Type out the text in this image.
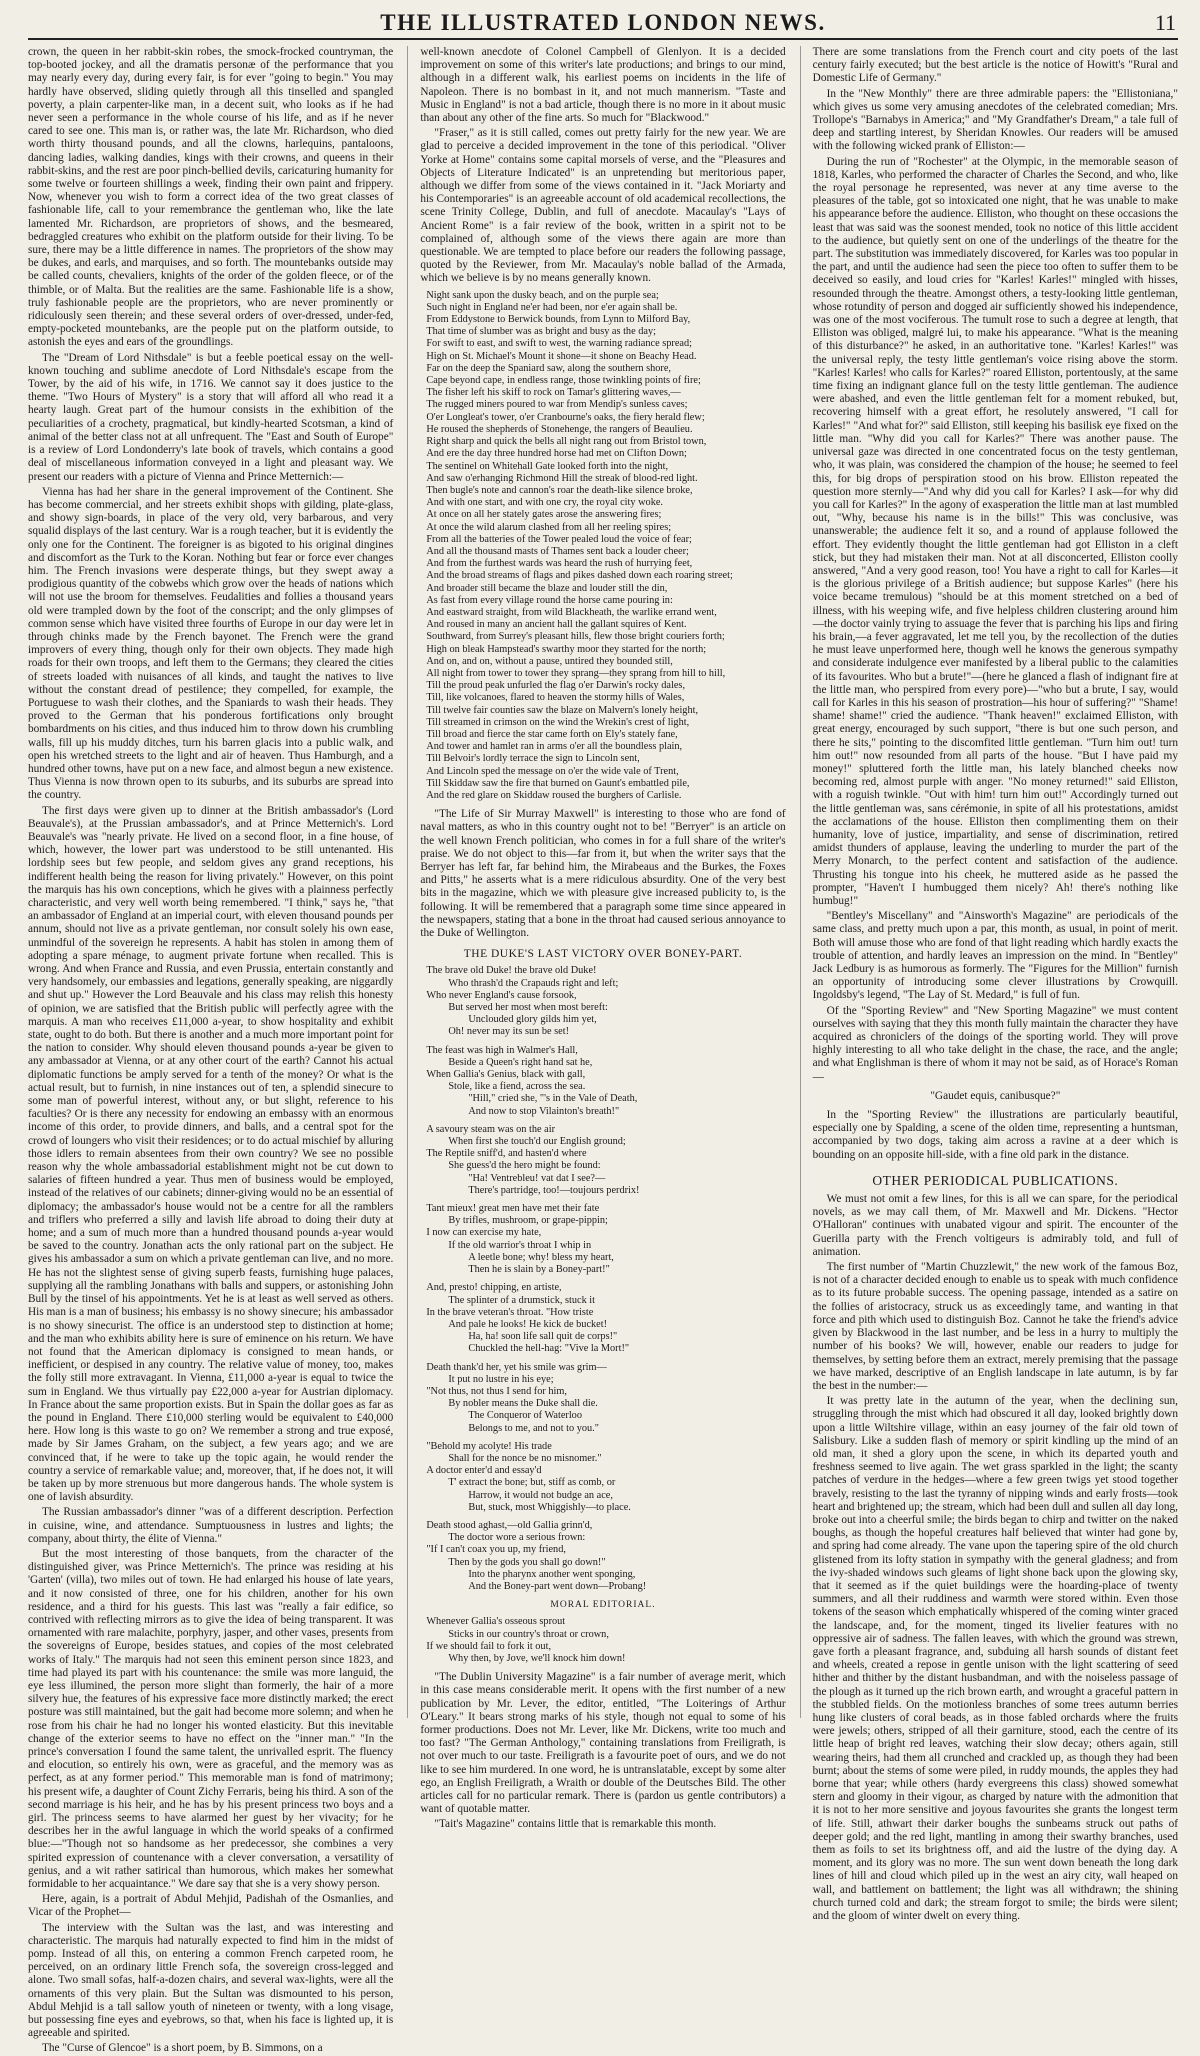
THE ILLUSTRATED LONDON NEWS.	11

crown, the queen in her rabbit-skin robes, the smock-frocked countryman, the top-booted jockey, and all the dramatis personæ of the performance that you may nearly every day, during every fair, is for ever "going to begin." You may hardly have observed, sliding quietly through all this tinselled and spangled poverty, a plain carpenter-like man, in a decent suit, who looks as if he had never seen a performance in the whole course of his life, and as if he never cared to see one. This man is, or rather was, the late Mr. Richardson, who died worth thirty thousand pounds, and all the clowns, harlequins, pantaloons, dancing ladies, walking dandies, kings with their crowns, and queens in their rabbit-skins, and the rest are poor pinch-bellied devils, caricaturing humanity for some twelve or fourteen shillings a week, finding their own paint and frippery. Now, whenever you wish to form a correct idea of the two great classes of fashionable life, call to your remembrance the gentleman who, like the late lamented Mr. Richardson, are proprietors of shows, and the besmeared, bedraggled creatures who exhibit on the platform outside for their living. To be sure, there may be a little difference in names. The proprietors of the show may be dukes, and earls, and marquises, and so forth. The mountebanks outside may be called counts, chevaliers, knights of the order of the golden fleece, or of the thimble, or of Malta. But the realities are the same. Fashionable life is a show, truly fashionable people are the proprietors, who are never prominently or ridiculously seen therein; and these several orders of over-dressed, under-fed, empty-pocketed mountebanks, are the people put on the platform outside, to astonish the eyes and ears of the groundlings.

The "Dream of Lord Nithsdale" is but a feeble poetical essay on the well-known touching and sublime anecdote of Lord Nithsdale's escape from the Tower, by the aid of his wife, in 1716. We cannot say it does justice to the theme. "Two Hours of Mystery" is a story that will afford all who read it a hearty laugh. Great part of the humour consists in the exhibition of the peculiarities of a crochety, pragmatical, but kindly-hearted Scotsman, a kind of animal of the better class not at all unfrequent. The "East and South of Europe" is a review of Lord Londonderry's late book of travels, which contains a good deal of miscellaneous information conveyed in a light and pleasant way. We present our readers with a picture of Vienna and Prince Metternich:—

Vienna has had her share in the general improvement of the Continent. She has become commercial, and her streets exhibit shops with gilding, plate-glass, and showy sign-boards, in place of the very old, very barbarous, and very squalid displays of the last century. War is a rough teacher, but it is evidently the only one for the Continent. The foreigner is as bigoted to his original dingines and discomfort as the Turk to the Koran. Nothing but fear or force ever changes him. The French invasions were desperate things, but they swept away a prodigious quantity of the cobwebs which grow over the heads of nations which will not use the broom for themselves. Feudalities and follies a thousand years old were trampled down by the foot of the conscript; and the only glimpses of common sense which have visited three fourths of Europe in our day were let in through chinks made by the French bayonet. The French were the grand improvers of every thing, though only for their own objects. They made high roads for their own troops, and left them to the Germans; they cleared the cities of streets loaded with nuisances of all kinds, and taught the natives to live without the constant dread of pestilence; they compelled, for example, the Portuguese to wash their clothes, and the Spaniards to wash their heads. They proved to the German that his ponderous fortifications only brought bombardments on his cities, and thus induced him to throw down his crumbling walls, fill up his muddy ditches, turn his barren glacis into a public walk, and open his wretched streets to the light and air of heaven. Thus Hamburgh, and a hundred other towns, have put on a new face, and almost begun a new existence. Thus Vienna is now thrown open to its suburbs, and its suburbs are spread into the country.

The first days were given up to dinner at the British ambassador's (Lord Beauvale's), at the Prussian ambassador's, and at Prince Metternich's. Lord Beauvale's was "nearly private. He lived on a second floor, in a fine house, of which, however, the lower part was understood to be still untenanted. His lordship sees but few people, and seldom gives any grand receptions, his indifferent health being the reason for living privately." However, on this point the marquis has his own conceptions, which he gives with a plainness perfectly characteristic, and very well worth being remembered. "I think," says he, "that an ambassador of England at an imperial court, with eleven thousand pounds per annum, should not live as a private gentleman, nor consult solely his own ease, unmindful of the sovereign he represents. A habit has stolen in among them of adopting a spare ménage, to augment private fortune when recalled. This is wrong. And when France and Russia, and even Prussia, entertain constantly and very handsomely, our embassies and legations, generally speaking, are niggardly and shut up." However the Lord Beauvale and his class may relish this honesty of opinion, we are satisfied that the British public will perfectly agree with the marquis. A man who receives £11,000 a-year, to show hospitality and exhibit state, ought to do both. But there is another and a much more important point for the nation to consider. Why should eleven thousand pounds a-year be given to any ambassador at Vienna, or at any other court of the earth? Cannot his actual diplomatic functions be amply served for a tenth of the money? Or what is the actual result, but to furnish, in nine instances out of ten, a splendid sinecure to some man of powerful interest, without any, or but slight, reference to his faculties? Or is there any necessity for endowing an embassy with an enormous income of this order, to provide dinners, and balls, and a central spot for the crowd of loungers who visit their residences; or to do actual mischief by alluring those idlers to remain absentees from their own country? We see no possible reason why the whole ambassadorial establishment might not be cut down to salaries of fifteen hundred a year. Thus men of business would be employed, instead of the relatives of our cabinets; dinner-giving would no be an essential of diplomacy; the ambassador's house would not be a centre for all the ramblers and triflers who preferred a silly and lavish life abroad to doing their duty at home; and a sum of much more than a hundred thousand pounds a-year would be saved to the country. Jonathan acts the only rational part on the subject. He gives his ambassador a sum on which a private gentleman can live, and no more. He has not the slightest sense of giving superb feasts, furnishing huge palaces, supplying all the rambling Jonathans with balls and suppers, or astonishing John Bull by the tinsel of his appointments. Yet he is at least as well served as others. His man is a man of business; his embassy is no showy sinecure; his ambassador is no showy sinecurist. The office is an understood step to distinction at home; and the man who exhibits ability here is sure of eminence on his return. We have not found that the American diplomacy is consigned to mean hands, or inefficient, or despised in any country. The relative value of money, too, makes the folly still more extravagant. In Vienna, £11,000 a-year is equal to twice the sum in England. We thus virtually pay £22,000 a-year for Austrian diplomacy. In France about the same proportion exists. But in Spain the dollar goes as far as the pound in England. There £10,000 sterling would be equivalent to £40,000 here. How long is this waste to go on? We remember a strong and true exposé, made by Sir James Graham, on the subject, a few years ago; and we are convinced that, if he were to take up the topic again, he would render the country a service of remarkable value; and, moreover, that, if he does not, it will be taken up by more strenuous but more dangerous hands. The whole system is one of lavish absurdity.

The Russian ambassador's dinner "was of a different description. Perfection in cuisine, wine, and attendance. Sumptuousness in lustres and lights; the company, about thirty, the élite of Vienna."

But the most interesting of those banquets, from the character of the distinguished giver, was Prince Metternich's. The prince was residing at his 'Garten' (villa), two miles out of town. He had enlarged his house of late years, and it now consisted of three, one for his children, another for his own residence, and a third for his guests. This last was "really a fair edifice, so contrived with reflecting mirrors as to give the idea of being transparent. It was ornamented with rare malachite, porphyry, jasper, and other vases, presents from the sovereigns of Europe, besides statues, and copies of the most celebrated works of Italy." The marquis had not seen this eminent person since 1823, and time had played its part with his countenance: the smile was more languid, the eye less illumined, the person more slight than formerly, the hair of a more silvery hue, the features of his expressive face more distinctly marked; the erect posture was still maintained, but the gait had become more solemn; and when he rose from his chair he had no longer his wonted elasticity. But this inevitable change of the exterior seems to have no effect on the "inner man." "In the prince's conversation I found the same talent, the unrivalled esprit. The fluency and elocution, so entirely his own, were as graceful, and the memory was as perfect, as at any former period." This memorable man is fond of matrimony; his present wife, a daughter of Count Zichy Ferraris, being his third. A son of the second marriage is his heir, and he has by his present princess two boys and a girl. The princess seems to have alarmed her guest by her vivacity; for he describes her in the awful language in which the world speaks of a confirmed blue:—"Though not so handsome as her predecessor, she combines a very spirited expression of countenance with a clever conversation, a versatility of genius, and a wit rather satirical than humorous, which makes her somewhat formidable to her acquaintance." We dare say that she is a very showy person.

Here, again, is a portrait of Abdul Mehjid, Padishah of the Osmanlies, and Vicar of the Prophet—

The interview with the Sultan was the last, and was interesting and characteristic. The marquis had naturally expected to find him in the midst of pomp. Instead of all this, on entering a common French carpeted room, he perceived, on an ordinary little French sofa, the sovereign cross-legged and alone. Two small sofas, half-a-dozen chairs, and several wax-lights, were all the ornaments of this very plain. But the Sultan was dismounted to his person, Abdul Mehjid is a tall sallow youth of nineteen or twenty, with a long visage, but possessing fine eyes and eyebrows, so that, when his face is lighted up, it is agreeable and spirited.

The "Curse of Glencoe" is a short poem, by B. Simmons, on a

well-known anecdote of Colonel Campbell of Glenlyon. It is a decided improvement on some of this writer's late productions; and brings to our mind, although in a different walk, his earliest poems on incidents in the life of Napoleon. There is no bombast in it, and not much mannerism. "Taste and Music in England" is not a bad article, though there is no more in it about music than about any other of the fine arts. So much for "Blackwood."

"Fraser," as it is still called, comes out pretty fairly for the new year. We are glad to perceive a decided improvement in the tone of this periodical. "Oliver Yorke at Home" contains some capital morsels of verse, and the "Pleasures and Objects of Literature Indicated" is an unpretending but meritorious paper, although we differ from some of the views contained in it. "Jack Moriarty and his Contemporaries" is an agreeable account of old academical recollections, the scene Trinity College, Dublin, and full of anecdote. Macaulay's "Lays of Ancient Rome" is a fair review of the book, written in a spirit not to be complained of, although some of the views there again are more than questionable. We are tempted to place before our readers the following passage, quoted by the Reviewer, from Mr. Macaulay's noble ballad of the Armada, which we believe is by no means generally known.

Night sank upon the dusky beach, and on the purple sea;
Such night in England ne'er had been, nor e'er again shall be.
From Eddystone to Berwick bounds, from Lynn to Milford Bay,
That time of slumber was as bright and busy as the day;
For swift to east, and swift to west, the warning radiance spread;
High on St. Michael's Mount it shone—it shone on Beachy Head.
Far on the deep the Spaniard saw, along the southern shore,
Cape beyond cape, in endless range, those twinkling points of fire;
The fisher left his skiff to rock on Tamar's glittering waves,—
The rugged miners poured to war from Mendip's sunless caves;
O'er Longleat's tower, o'er Cranbourne's oaks, the fiery herald flew;
He roused the shepherds of Stonehenge, the rangers of Beaulieu.
Right sharp and quick the bells all night rang out from Bristol town,
And ere the day three hundred horse had met on Clifton Down;
The sentinel on Whitehall Gate looked forth into the night,
And saw o'erhanging Richmond Hill the streak of blood-red light.
Then bugle's note and cannon's roar the death-like silence broke,
And with one start, and with one cry, the royal city woke.
At once on all her stately gates arose the answering fires;
At once the wild alarum clashed from all her reeling spires;
From all the batteries of the Tower pealed loud the voice of fear;
And all the thousand masts of Thames sent back a louder cheer;
And from the furthest wards was heard the rush of hurrying feet,
And the broad streams of flags and pikes dashed down each roaring street;
And broader still became the blaze and louder still the din,
As fast from every village round the horse came pouring in:
And eastward straight, from wild Blackheath, the warlike errand went,
And roused in many an ancient hall the gallant squires of Kent.
Southward, from Surrey's pleasant hills, flew those bright couriers forth;
High on bleak Hampstead's swarthy moor they started for the north;
And on, and on, without a pause, untired they bounded still,
All night from tower to tower they sprang—they sprang from hill to hill,
Till the proud peak unfurled the flag o'er Darwin's rocky dales,
Till, like volcanoes, flared to heaven the stormy hills of Wales,
Till twelve fair counties saw the blaze on Malvern's lonely height,
Till streamed in crimson on the wind the Wrekin's crest of light,
Till broad and fierce the star came forth on Ely's stately fane,
And tower and hamlet ran in arms o'er all the boundless plain,
Till Belvoir's lordly terrace the sign to Lincoln sent,
And Lincoln sped the message on o'er the wide vale of Trent,
Till Skiddaw saw the fire that burned on Gaunt's embattled pile,
And the red glare on Skiddaw roused the burghers of Carlisle.

"The Life of Sir Murray Maxwell" is interesting to those who are fond of naval matters, as who in this country ought not to be! "Berryer" is an article on the well known French politician, who comes in for a full share of the writer's praise. We do not object to this—far from it, but when the writer says that the Berryer has left far, far behind him, the Mirabeaus and the Burkes, the Foxes and Pitts," he asserts what is a mere ridiculous absurdity. One of the very best bits in the magazine, which we with pleasure give increased publicity to, is the following. It will be remembered that a paragraph some time since appeared in the newspapers, stating that a bone in the throat had caused serious annoyance to the Duke of Wellington.

THE DUKE'S LAST VICTORY OVER BONEY-PART.
The brave old Duke! the brave old Duke!
Who thrash'd the Crapauds right and left;
Who never England's cause forsook,
But served her most when most bereft:
Unclouded glory gilds him yet,
Oh! never may its sun be set!
The feast was high in Walmer's Hall,
Beside a Queen's right hand sat he,
When Gallia's Genius, black with gall,
Stole, like a fiend, across the sea.
"Hill," cried she, "'s in the Vale of Death,
And now to stop Vilainton's breath!"
A savoury steam was on the air
When first she touch'd our English ground;
The Reptile sniff'd, and hasten'd where
She guess'd the hero might be found:
"Ha! Ventrebleu! vat dat I see?—
There's partridge, too!—toujours perdrix!
Tant mieux! great men have met their fate
By trifles, mushroom, or grape-pippin;
I now can exercise my hate,
If the old warrior's throat I whip in
A leetle bone; why! bless my heart,
Then he is slain by a Boney-part!"
And, presto! chipping, en artiste,
The splinter of a drumstick, stuck it
In the brave veteran's throat. "How triste
And pale he looks! He kick de bucket!
Ha, ha! soon life sall quit de corps!"
Chuckled the hell-hag: "Vive la Mort!"
Death thank'd her, yet his smile was grim—
It put no lustre in his eye;
"Not thus, not thus I send for him,
By nobler means the Duke shall die.
The Conqueror of Waterloo
Belongs to me, and not to you."
"Behold my acolyte! His trade
Shall for the nonce be no misnomer."
A doctor enter'd and essay'd
T' extract the bone; but, stiff as comb, or
Harrow, it would not budge an ace,
But, stuck, most Whiggishly—to place.
Death stood aghast,—old Gallia grinn'd,
The doctor wore a serious frown:
"If I can't coax you up, my friend,
Then by the gods you shall go down!"
Into the pharynx another went sponging,
And the Boney-part went down—Probang!
MORAL EDITORIAL.
Whenever Gallia's osseous sprout
Sticks in our country's throat or crown,
If we should fail to fork it out,
Why then, by Jove, we'll knock him down!

"The Dublin University Magazine" is a fair number of average merit, which in this case means considerable merit. It opens with the first number of a new publication by Mr. Lever, the editor, entitled, "The Loiterings of Arthur O'Leary." It bears strong marks of his style, though not equal to some of his former productions. Does not Mr. Lever, like Mr. Dickens, write too much and too fast? "The German Anthology," containing translations from Freiligrath, is not over much to our taste. Freiligrath is a favourite poet of ours, and we do not like to see him murdered. In one word, he is untranslatable, except by some alter ego, an English Freiligrath, a Wraith or double of the Deutsches Bild. The other articles call for no particular remark. There is (pardon us gentle contributors) a want of quotable matter.

"Tait's Magazine" contains little that is remarkable this month.

There are some translations from the French court and city poets of the last century fairly executed; but the best article is the notice of Howitt's "Rural and Domestic Life of Germany."

In the "New Monthly" there are three admirable papers: the "Ellistoniana," which gives us some very amusing anecdotes of the celebrated comedian; Mrs. Trollope's "Barnabys in America;" and "My Grandfather's Dream," a tale full of deep and startling interest, by Sheridan Knowles. Our readers will be amused with the following wicked prank of Elliston:—

During the run of "Rochester" at the Olympic, in the memorable season of 1818, Karles, who performed the character of Charles the Second, and who, like the royal personage he represented, was never at any time averse to the pleasures of the table, got so intoxicated one night, that he was unable to make his appearance before the audience. Elliston, who thought on these occasions the least that was said was the soonest mended, took no notice of this little accident to the audience, but quietly sent on one of the underlings of the theatre for the part. The substitution was immediately discovered, for Karles was too popular in the part, and until the audience had seen the piece too often to suffer them to be deceived so easily, and loud cries for "Karles! Karles!" mingled with hisses, resounded through the theatre. Amongst others, a testy-looking little gentleman, whose rotundity of person and dogged air sufficiently showed his independence, was one of the most vociferous. The tumult rose to such a degree at length, that Elliston was obliged, malgré lui, to make his appearance. "What is the meaning of this disturbance?" he asked, in an authoritative tone. "Karles! Karles!" was the universal reply, the testy little gentleman's voice rising above the storm. "Karles! Karles! who calls for Karles?" roared Elliston, portentously, at the same time fixing an indignant glance full on the testy little gentleman. The audience were abashed, and even the little gentleman felt for a moment rebuked, but, recovering himself with a great effort, he resolutely answered, "I call for Karles!" "And what for?" said Elliston, still keeping his basilisk eye fixed on the little man. "Why did you call for Karles?" There was another pause. The universal gaze was directed in one concentrated focus on the testy gentleman, who, it was plain, was considered the champion of the house; he seemed to feel this, for big drops of perspiration stood on his brow. Elliston repeated the question more sternly—"And why did you call for Karles? I ask—for why did you call for Karles?" In the agony of exasperation the little man at last mumbled out, "Why, because his name is in the bills!" This was conclusive, was unanswerable; the audience felt it so, and a round of applause followed the effort. They evidently thought the little gentleman had got Elliston in a cleft stick, but they had mistaken their man. Not at all disconcerted, Elliston coolly answered, "And a very good reason, too! You have a right to call for Karles—it is the glorious privilege of a British audience; but suppose Karles" (here his voice became tremulous) "should be at this moment stretched on a bed of illness, with his weeping wife, and five helpless children clustering around him—the doctor vainly trying to assuage the fever that is parching his lips and firing his brain,—a fever aggravated, let me tell you, by the recollection of the duties he must leave unperformed here, though well he knows the generous sympathy and considerate indulgence ever manifested by a liberal public to the calamities of its favourites. Who but a brute!"—(here he glanced a flash of indignant fire at the little man, who perspired from every pore)—"who but a brute, I say, would call for Karles in this his season of prostration—his hour of suffering?" "Shame! shame! shame!" cried the audience. "Thank heaven!" exclaimed Elliston, with great energy, encouraged by such support, "there is but one such person, and there he sits," pointing to the discomfited little gentleman. "Turn him out! turn him out!" now resounded from all parts of the house. "But I have paid my money!" spluttered forth the little man, his lately blanched cheeks now becoming red, almost purple with anger. "No money returned!" said Elliston, with a roguish twinkle. "Out with him! turn him out!" Accordingly turned out the little gentleman was, sans cérémonie, in spite of all his protestations, amidst the acclamations of the house. Elliston then complimenting them on their humanity, love of justice, impartiality, and sense of discrimination, retired amidst thunders of applause, leaving the underling to murder the part of the Merry Monarch, to the perfect content and satisfaction of the audience. Thrusting his tongue into his cheek, he muttered aside as he passed the prompter, "Haven't I humbugged them nicely? Ah! there's nothing like humbug!"

"Bentley's Miscellany" and "Ainsworth's Magazine" are periodicals of the same class, and pretty much upon a par, this month, as usual, in point of merit. Both will amuse those who are fond of that light reading which hardly exacts the trouble of attention, and hardly leaves an impression on the mind. In "Bentley" Jack Ledbury is as humorous as formerly. The "Figures for the Million" furnish an opportunity of introducing some clever illustrations by Crowquill. Ingoldsby's legend, "The Lay of St. Medard," is full of fun.

Of the "Sporting Review" and "New Sporting Magazine" we must content ourselves with saying that they this month fully maintain the character they have acquired as chroniclers of the doings of the sporting world. They will prove highly interesting to all who take delight in the chase, the race, and the angle; and what Englishman is there of whom it may not be said, as of Horace's Roman—

"Gaudet equis, canibusque?"

In the "Sporting Review" the illustrations are particularly beautiful, especially one by Spalding, a scene of the olden time, representing a huntsman, accompanied by two dogs, taking aim across a ravine at a deer which is bounding on an opposite hill-side, with a fine old park in the distance.

OTHER PERIODICAL PUBLICATIONS.

We must not omit a few lines, for this is all we can spare, for the periodical novels, as we may call them, of Mr. Maxwell and Mr. Dickens. "Hector O'Halloran" continues with unabated vigour and spirit. The encounter of the Guerilla party with the French voltigeurs is admirably told, and full of animation.

The first number of "Martin Chuzzlewit," the new work of the famous Boz, is not of a character decided enough to enable us to speak with much confidence as to its future probable success. The opening passage, intended as a satire on the follies of aristocracy, struck us as exceedingly tame, and wanting in that force and pith which used to distinguish Boz. Cannot he take the friend's advice given by Blackwood in the last number, and be less in a hurry to multiply the number of his books? We will, however, enable our readers to judge for themselves, by setting before them an extract, merely premising that the passage we have marked, descriptive of an English landscape in late autumn, is by far the best in the number:—

It was pretty late in the autumn of the year, when the declining sun, struggling through the mist which had obscured it all day, looked brightly down upon a little Wiltshire village, within an easy journey of the fair old town of Salisbury. Like a sudden flash of memory or spirit kindling up the mind of an old man, it shed a glory upon the scene, in which its departed youth and freshness seemed to live again. The wet grass sparkled in the light; the scanty patches of verdure in the hedges—where a few green twigs yet stood together bravely, resisting to the last the tyranny of nipping winds and early frosts—took heart and brightened up; the stream, which had been dull and sullen all day long, broke out into a cheerful smile; the birds began to chirp and twitter on the naked boughs, as though the hopeful creatures half believed that winter had gone by, and spring had come already. The vane upon the tapering spire of the old church glistened from its lofty station in sympathy with the general gladness; and from the ivy-shaded windows such gleams of light shone back upon the glowing sky, that it seemed as if the quiet buildings were the hoarding-place of twenty summers, and all their ruddiness and warmth were stored within. Even those tokens of the season which emphatically whispered of the coming winter graced the landscape, and, for the moment, tinged its livelier features with no oppressive air of sadness. The fallen leaves, with which the ground was strewn, gave forth a pleasant fragrance, and, subduing all harsh sounds of distant feet and wheels, created a repose in gentle unison with the light scattering of seed hither and thither by the distant husbandman, and with the noiseless passage of the plough as it turned up the rich brown earth, and wrought a graceful pattern in the stubbled fields. On the motionless branches of some trees autumn berries hung like clusters of coral beads, as in those fabled orchards where the fruits were jewels; others, stripped of all their garniture, stood, each the centre of its little heap of bright red leaves, watching their slow decay; others again, still wearing theirs, had them all crunched and crackled up, as though they had been burnt; about the stems of some were piled, in ruddy mounds, the apples they had borne that year; while others (hardy evergreens this class) showed somewhat stern and gloomy in their vigour, as charged by nature with the admonition that it is not to her more sensitive and joyous favourites she grants the longest term of life. Still, athwart their darker boughs the sunbeams struck out paths of deeper gold; and the red light, mantling in among their swarthy branches, used them as foils to set its brightness off, and aid the lustre of the dying day. A moment, and its glory was no more. The sun went down beneath the long dark lines of hill and cloud which piled up in the west an airy city, wall heaped on wall, and battlement on battlement; the light was all withdrawn; the shining church turned cold and dark; the stream forgot to smile; the birds were silent; and the gloom of winter dwelt on every thing.
